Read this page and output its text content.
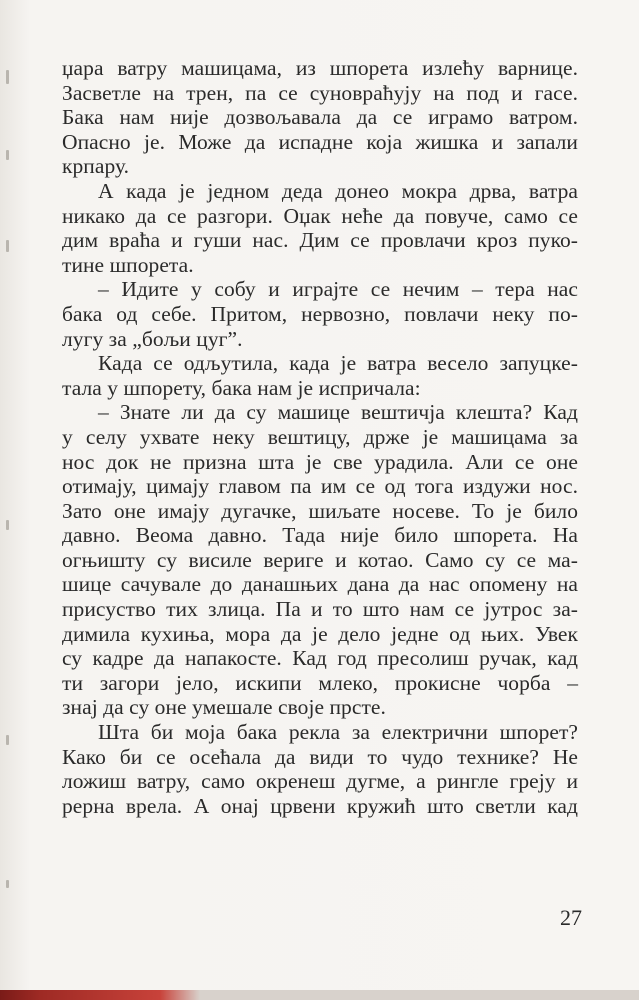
џара ватру машицама, из шпорета излећу варнице.

Засветле на трен, па се суновраћују на под и гасе.

Бака нам није дозвољавала да се играмо ватром.

Опасно је. Може да испадне која жишка и запали

крпару.

А када је једном деда донео мокра дрва, ватра

никако да се разгори. Оџак неће да повуче, само се

дим враћа и гуши нас. Дим се провлачи кроз пуко-

тине шпорета.

– Идите у собу и играјте се нечим – тера нас

бака од себе. Притом, нервозно, повлачи неку по-

лугу за „бољи цуг”.

Када се одљутила, када је ватра весело запуцке-

тала у шпорету, бака нам је испричала:

– Знате ли да су машице вештичја клешта? Кад

у селу ухвате неку вештицу, држе је машицама за

нос док не призна шта је све урадила. Али се оне

отимају, цимају главом па им се од тога издужи нос.

Зато оне имају дугачке, шиљате носеве. То је било

давно. Веома давно. Тада није било шпорета. На

огњишту су висиле вериге и котао. Само су се ма-

шице сачувале до данашњих дана да нас опомену на

присуство тих злица. Па и то што нам се јутрос за-

димила кухиња, мора да је дело једне од њих. Увек

су кадре да напакосте. Кад год пресолиш ручак, кад

ти загори јело, искипи млеко, прокисне чорба –

знај да су оне умешале своје прсте.

Шта би моја бака рекла за електрични шпорет?

Како би се осећала да види то чудо технике? Не

ложиш ватру, само окренеш дугме, а рингле греју и

рерна врела. А онај црвени кружић што светли кад

27
